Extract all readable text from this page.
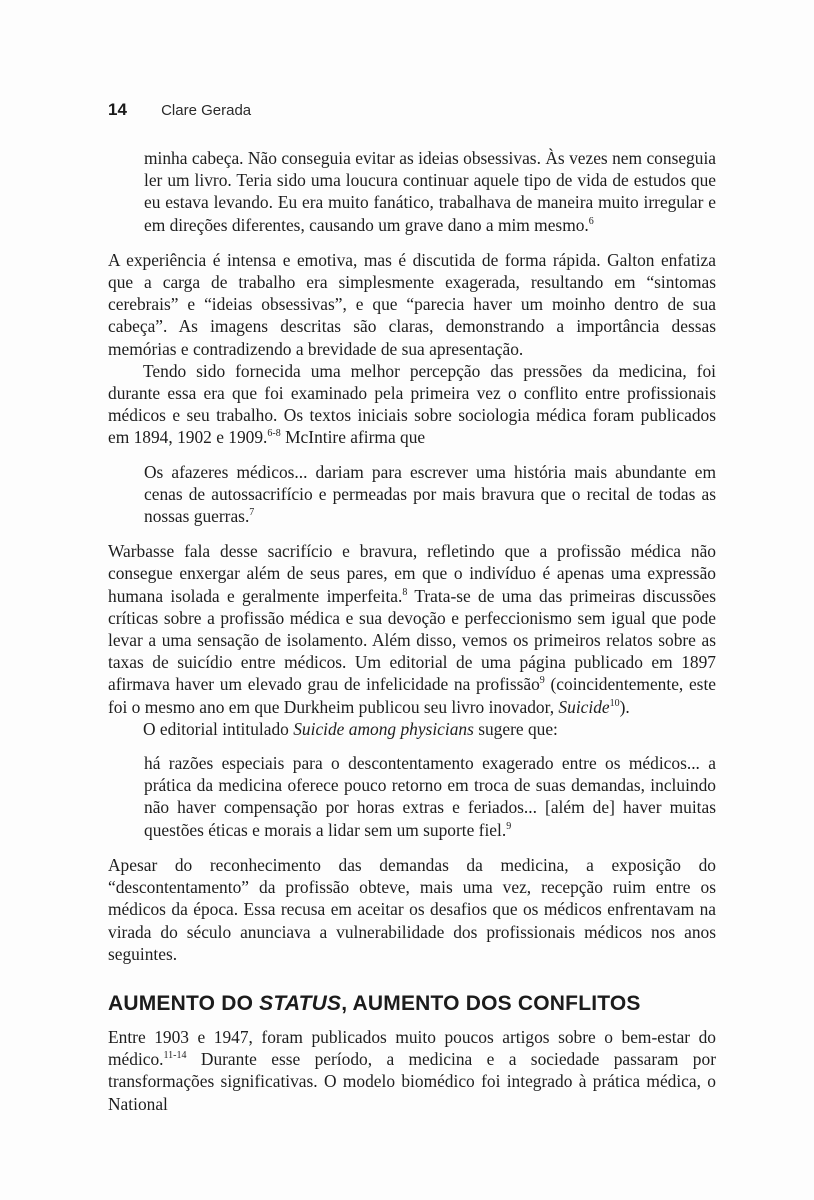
14 Clare Gerada

minha cabeça. Não conseguia evitar as ideias obsessivas. Às vezes nem conseguia ler um livro. Teria sido uma loucura continuar aquele tipo de vida de estudos que eu estava levando. Eu era muito fanático, trabalhava de maneira muito irregular e em direções diferentes, causando um grave dano a mim mesmo.$^6$

A experiência é intensa e emotiva, mas é discutida de forma rápida. Galton enfatiza que a carga de trabalho era simplesmente exagerada, resultando em “sintomas cerebrais” e “ideias obsessivas”, e que “parecia haver um moinho dentro de sua cabeça”. As imagens descritas são claras, demonstrando a importância dessas memórias e contradizendo a brevidade de sua apresentação.

Tendo sido fornecida uma melhor percepção das pressões da medicina, foi durante essa era que foi examinado pela primeira vez o conflito entre profissionais médicos e seu trabalho. Os textos iniciais sobre sociologia médica foram publicados em 1894, 1902 e 1909.$^{6-8}$ McIntire afirma que

Os afazeres médicos... dariam para escrever uma história mais abundante em cenas de autossacrifício e permeadas por mais bravura que o recital de todas as nossas guerras.$^7$

Warbasse fala desse sacrifício e bravura, refletindo que a profissão médica não consegue enxergar além de seus pares, em que o indivíduo é apenas uma expressão humana isolada e geralmente imperfeita.$^8$ Trata-se de uma das primeiras discussões críticas sobre a profissão médica e sua devoção e perfeccionismo sem igual que pode levar a uma sensação de isolamento. Além disso, vemos os primeiros relatos sobre as taxas de suicídio entre médicos. Um editorial de uma página publicado em 1897 afirmava haver um elevado grau de infelicidade na profissão$^9$ (coincidentemente, este foi o mesmo ano em que Durkheim publicou seu livro inovador, Suicide$^{10}$).

O editorial intitulado Suicide among physicians sugere que:

há razões especiais para o descontentamento exagerado entre os médicos... a prática da medicina oferece pouco retorno em troca de suas demandas, incluindo não haver compensação por horas extras e feriados... [além de] haver muitas questões éticas e morais a lidar sem um suporte fiel.$^9$

Apesar do reconhecimento das demandas da medicina, a exposição do “descontentamento” da profissão obteve, mais uma vez, recepção ruim entre os médicos da época. Essa recusa em aceitar os desafios que os médicos enfrentavam na virada do século anunciava a vulnerabilidade dos profissionais médicos nos anos seguintes.

AUMENTO DO STATUS, AUMENTO DOS CONFLITOS

Entre 1903 e 1947, foram publicados muito poucos artigos sobre o bem-estar do médico.$^{11-14}$ Durante esse período, a medicina e a sociedade passaram por transformações significativas. O modelo biomédico foi integrado à prática médica, o National
